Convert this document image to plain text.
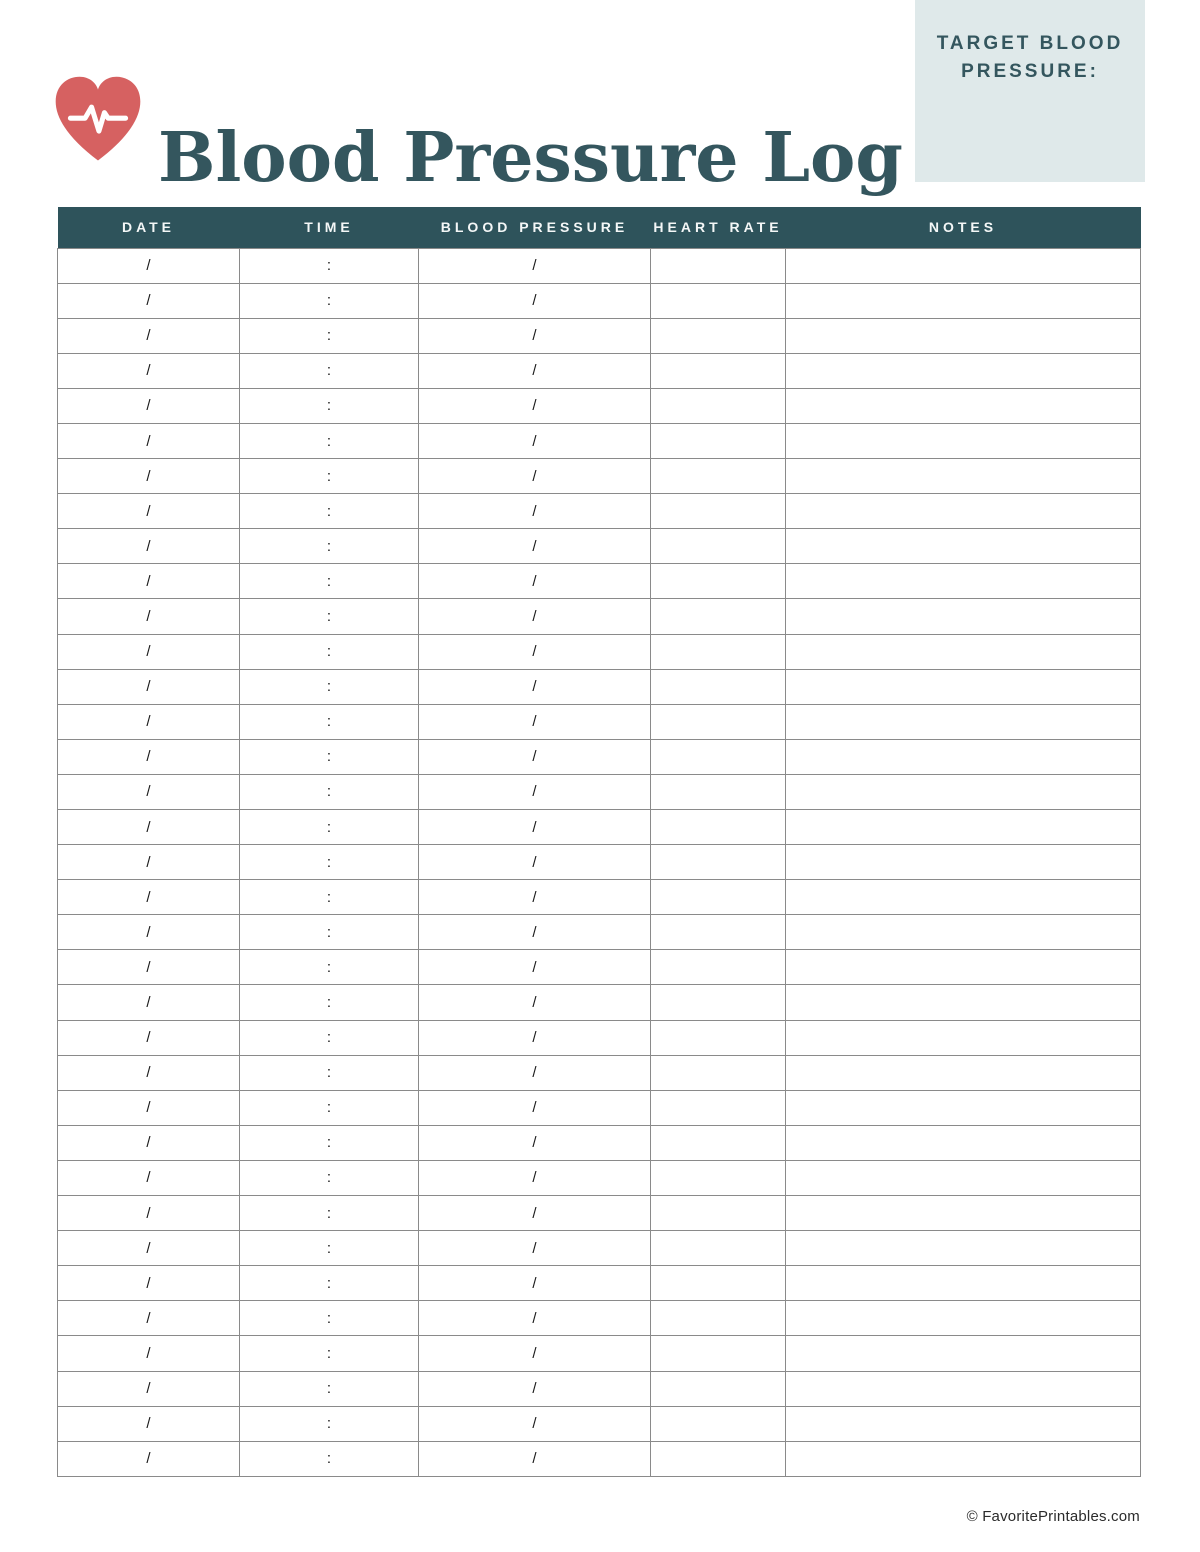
Blood Pressure Log
TARGET BLOOD PRESSURE:
DATE	TIME	BLOOD PRESSURE	HEART RATE	NOTES
/	:	/		
/	:	/		
/	:	/		
/	:	/		
/	:	/		
/	:	/		
/	:	/		
/	:	/		
/	:	/		
/	:	/		
/	:	/		
/	:	/		
/	:	/		
/	:	/		
/	:	/		
/	:	/		
/	:	/		
/	:	/		
/	:	/		
/	:	/		
/	:	/		
/	:	/		
/	:	/		
/	:	/		
/	:	/		
/	:	/		
/	:	/		
/	:	/		
/	:	/		
/	:	/		
/	:	/		
/	:	/		
/	:	/		
/	:	/		
/	:	/		
© FavoritePrintables.com
